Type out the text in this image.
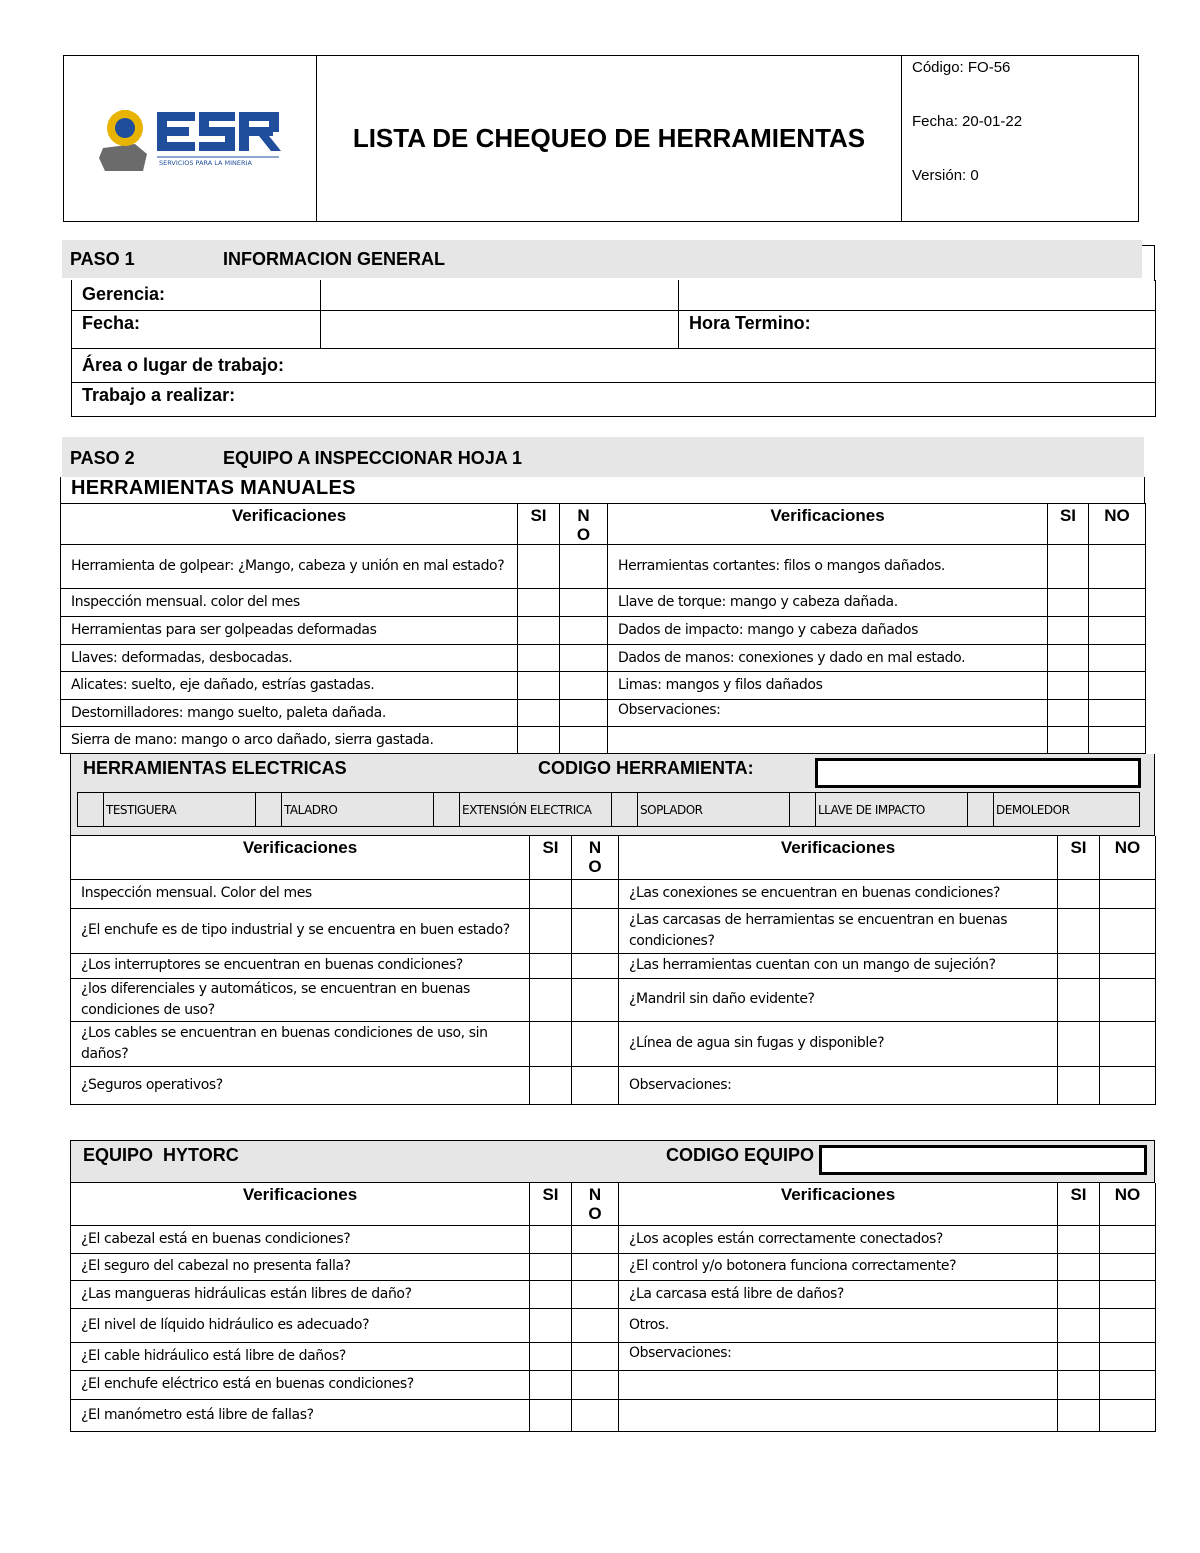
SERVICIOS PARA LA MINERIA
	LISTA DE CHEQUEO DE HERRAMIENTAS	
Código: FO-56
Fecha: 20-01-22
Versión: 0
PASO 1	INFORMACION GENERAL
Gerencia:		
Fecha:		Hora Termino:
Área o lugar de trabajo:		
Trabajo a realizar:		
PASO 2	EQUIPO A INSPECCIONAR HOJA 1
HERRAMIENTAS MANUALES
Verificaciones	SI	N O	Verificaciones	SI	NO
Herramienta de golpear: ¿Mango, cabeza y unión en mal estado?			Herramientas cortantes: filos o mangos dañados.		
Inspección mensual. color del mes			Llave de torque: mango y cabeza dañada.		
Herramientas para ser golpeadas deformadas			Dados de impacto: mango y cabeza dañados		
Llaves: deformadas, desbocadas.			Dados de manos: conexiones y dado en mal estado.		
Alicates: suelto, eje dañado, estrías gastadas.			Limas: mangos y filos dañados		
Destornilladores: mango suelto, paleta dañada.			Observaciones:		
Sierra de mano: mango o arco dañado, sierra gastada.					
HERRAMIENTAS ELECTRICAS	CODIGO HERRAMIENTA:
	TESTIGUERA		TALADRO		EXTENSIÓN ELECTRICA		SOPLADOR		LLAVE DE IMPACTO		DEMOLEDOR
Verificaciones	SI	N O	Verificaciones	SI	NO
Inspección mensual. Color del mes			¿Las conexiones se encuentran en buenas condiciones?		
¿El enchufe es de tipo industrial y se encuentra en buen estado?			¿Las carcasas de herramientas se encuentran en buenas condiciones?		
¿Los interruptores se encuentran en buenas condiciones?			¿Las herramientas cuentan con un mango de sujeción?		
¿los diferenciales y automáticos, se encuentran en buenas condiciones de uso?			¿Mandril sin daño evidente?		
¿Los cables se encuentran en buenas condiciones de uso, sin daños?			¿Línea de agua sin fugas y disponible?		
¿Seguros operativos?			Observaciones:		
EQUIPO  HYTORC	CODIGO EQUIPO
Verificaciones	SI	N O	Verificaciones	SI	NO
¿El cabezal está en buenas condiciones?			¿Los acoples están correctamente conectados?		
¿El seguro del cabezal no presenta falla?			¿El control y/o botonera funciona correctamente?		
¿Las mangueras hidráulicas están libres de daño?			¿La carcasa está libre de daños?		
¿El nivel de líquido hidráulico es adecuado?			Otros.		
¿El cable hidráulico está libre de daños?			Observaciones:		
¿El enchufe eléctrico está en buenas condiciones?					
¿El manómetro está libre de fallas?					
